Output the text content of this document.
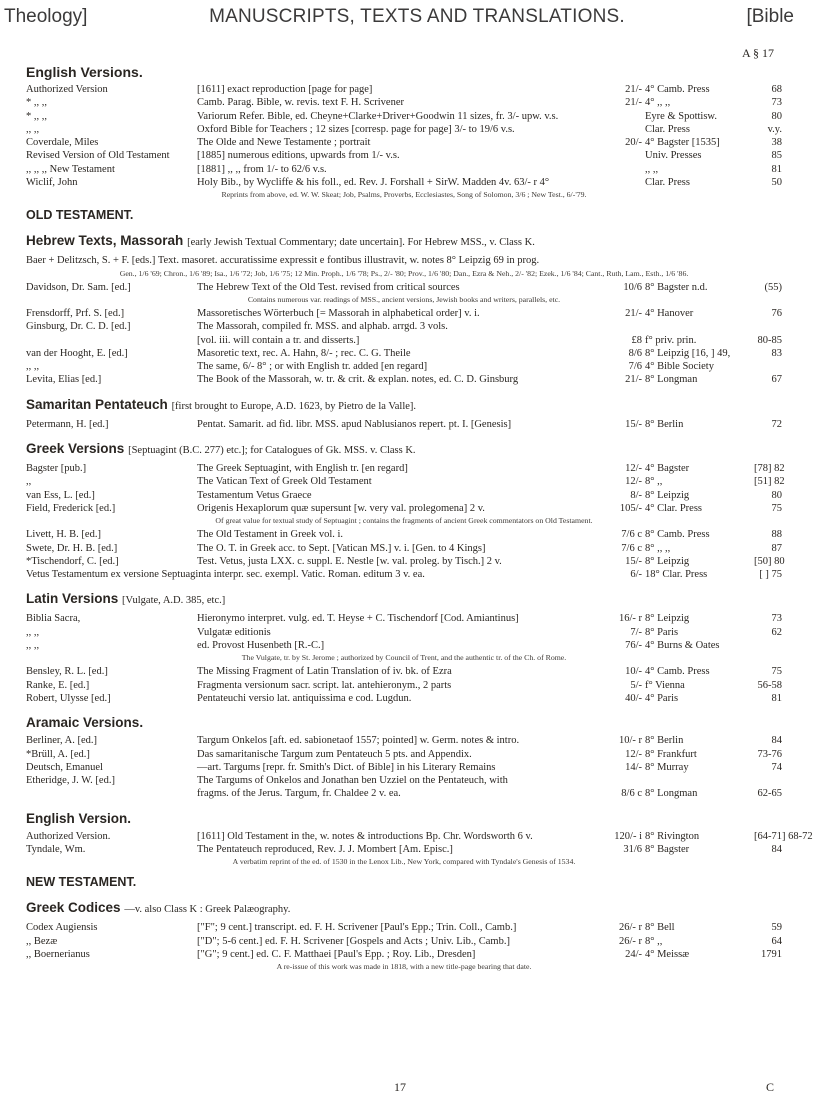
Theology]	MANUSCRIPTS, TEXTS AND TRANSLATIONS.	[Bible
A § 17
English Versions.
Authorized Version	[1611] exact reproduction [page for page]	21/- 4° Camb. Press	68
* ,, ,,	Camb. Parag. Bible, w. revis. text F. H. Scrivener	21/- 4° ,, ,,	73
* ,, ,,	Variorum Refer. Bible, ed. Cheyne+Clarke+Driver+Goodwin 11 sizes, fr. 3/- upw. v.s.	Eyre & Spottisw.	80
,, ,,	Oxford Bible for Teachers ; 12 sizes [corresp. page for page] 3/- to 19/6 v.s.	Clar. Press	v.y.
Coverdale, Miles	The Olde and Newe Testamente ; portrait	20/- 4° Bagster [1535]	38
Revised Version of Old Testament	[1885] numerous editions, upwards from 1/- v.s.	Univ. Presses	85
,, ,, ,, New Testament	[1881] ,, ,, from 1/- to 62/6 v.s.	,, ,,	81
Wiclif, John	Holy Bib., by Wycliffe & his foll., ed. Rev. J. Forshall + SirW. Madden 4v. 63/- r 4°	Clar. Press	50
Reprints from above, ed. W. W. Skeat; Job, Psalms, Proverbs, Ecclesiastes, Song of Solomon, 3/6 ; New Test., 6/-'79.
OLD TESTAMENT.
Hebrew Texts, Massorah [early Jewish Textual Commentary; date uncertain]. For Hebrew MSS., v. Class K.
Baer + Delitzsch, S. + F. [eds.] Text. masoret. accuratissime expressit e fontibus illustravit, w. notes 8° Leipzig 69 in prog.
Gen., 1/6 '69; Chron., 1/6 '89; Isa., 1/6 '72; Job, 1/6 '75; 12 Min. Proph., 1/6 '78; Ps., 2/- '80; Prov., 1/6 '80; Dan., Ezra & Neh., 2/- '82; Ezek., 1/6 '84; Cant., Ruth, Lam., Esth., 1/6 '86.
Davidson, Dr. Sam. [ed.]	The Hebrew Text of the Old Test. revised from critical sources	10/6 8° Bagster n.d.	(55)
Contains numerous var. readings of MSS., ancient versions, Jewish books and writers, parallels, etc.
Frensdorff, Prf. S. [ed.]	Massoretisches Wörterbuch [= Massorah in alphabetical order] v. i.	21/- 4° Hanover	76
Ginsburg, Dr. C. D. [ed.]	The Massorah, compiled fr. MSS. and alphab. arrgd. 3 vols.
[vol. iii. will contain a tr. and disserts.]	£8 f° priv. prin.	80-85
van der Hooght, E. [ed.]	Masoretic text, rec. A. Hahn, 8/- ; rec. C. G. Theile	8/6 8° Leipzig [16, ] 49,	83
,, ,,	The same, 6/- 8° ; or with English tr. added [en regard]	7/6 4° Bible Society
Levita, Elias [ed.]	The Book of the Massorah, w. tr. & crit. & explan. notes, ed. C. D. Ginsburg	21/- 8° Longman	67
Samaritan Pentateuch [first brought to Europe, A.D. 1623, by Pietro de la Valle].
Petermann, H. [ed.]	Pentat. Samarit. ad fid. libr. MSS. apud Nablusianos repert. pt. I. [Genesis]	15/- 8° Berlin	72
Greek Versions [Septuagint (B.C. 277) etc.]; for Catalogues of Gk. MSS. v. Class K.
Bagster [pub.]	The Greek Septuagint, with English tr. [en regard]	12/- 4° Bagster	[78] 82
,,	The Vatican Text of Greek Old Testament	12/- 8° ,,	[51] 82
van Ess, L. [ed.]	Testamentum Vetus Graece	8/- 8° Leipzig	80
Field, Frederick [ed.]	Origenis Hexaplorum quæ supersunt [w. very val. prolegomena] 2 v.	105/- 4° Clar. Press	75
Of great value for textual study of Septuagint ; contains the fragments of ancient Greek commentators on Old Testament.
Livett, H. B. [ed.]	The Old Testament in Greek vol. i.	7/6 c 8° Camb. Press	88
Swete, Dr. H. B. [ed.]	The O. T. in Greek acc. to Sept. [Vatican MS.] v. i. [Gen. to 4 Kings]	7/6 c 8° ,, ,,	87
*Tischendorf, C. [ed.]	Test. Vetus, justa LXX. c. suppl. E. Nestle [w. val. proleg. by Tisch.] 2 v.	15/- 8° Leipzig	[50] 80
Vetus Testamentum ex versione Septuaginta interpr. sec. exempl. Vatic. Roman. editum 3 v. ea.	6/- 18° Clar. Press	[ ] 75
Latin Versions [Vulgate, A.D. 385, etc.]
Biblia Sacra,	Hieronymo interpret. vulg. ed. T. Heyse + C. Tischendorf [Cod. Amiantinus]	16/- r 8° Leipzig	73
,, ,,	Vulgatæ editionis	7/- 8° Paris	62
,, ,,	ed. Provost Husenbeth [R.-C.]	76/- 4° Burns & Oates
The Vulgate, tr. by St. Jerome ; authorized by Council of Trent, and the authentic tr. of the Ch. of Rome.
Bensley, R. L. [ed.]	The Missing Fragment of Latin Translation of iv. bk. of Ezra	10/- 4° Camb. Press	75
Ranke, E. [ed.]	Fragmenta versionum sacr. script. lat. antehieronym., 2 parts	5/- f° Vienna	56-58
Robert, Ulysse [ed.]	Pentateuchi versio lat. antiquissima e cod. Lugdun.	40/- 4° Paris	81
Aramaic Versions.
Berliner, A. [ed.]	Targum Onkelos [aft. ed. sabionetaof 1557; pointed] w. Germ. notes & intro.	10/- r 8° Berlin	84
*Brüll, A. [ed.]	Das samaritanische Targum zum Pentateuch 5 pts. and Appendix.	12/- 8° Frankfurt	73-76
Deutsch, Emanuel	—art. Targums [repr. fr. Smith's Dict. of Bible] in his Literary Remains	14/- 8° Murray	74
Etheridge, J. W. [ed.]	The Targums of Onkelos and Jonathan ben Uzziel on the Pentateuch, with
fragms. of the Jerus. Targum, fr. Chaldee 2 v. ea.	8/6 c 8° Longman	62-65
English Version.
Authorized Version.	[1611] Old Testament in the, w. notes & introductions Bp. Chr. Wordsworth 6 v.	120/- i 8° Rivington	[64-71] 68-72
Tyndale, Wm.	The Pentateuch reproduced, Rev. J. J. Mombert [Am. Episc.]	31/6 8° Bagster	84
A verbatim reprint of the ed. of 1530 in the Lenox Lib., New York, compared with Tyndale's Genesis of 1534.
NEW TESTAMENT.
Greek Codices —v. also Class K : Greek Palæography.
Codex Augiensis	["F"; 9 cent.] transcript. ed. F. H. Scrivener [Paul's Epp.; Trin. Coll., Camb.]	26/- r 8° Bell	59
,, Bezæ	["D"; 5-6 cent.] ed. F. H. Scrivener [Gospels and Acts ; Univ. Lib., Camb.]	26/- r 8° ,,	64
,, Boernerianus	["G"; 9 cent.] ed. C. F. Matthaei [Paul's Epp. ; Roy. Lib., Dresden]	24/- 4° Meissæ	1791
A re-issue of this work was made in 1818, with a new title-page bearing that date.
17	C
